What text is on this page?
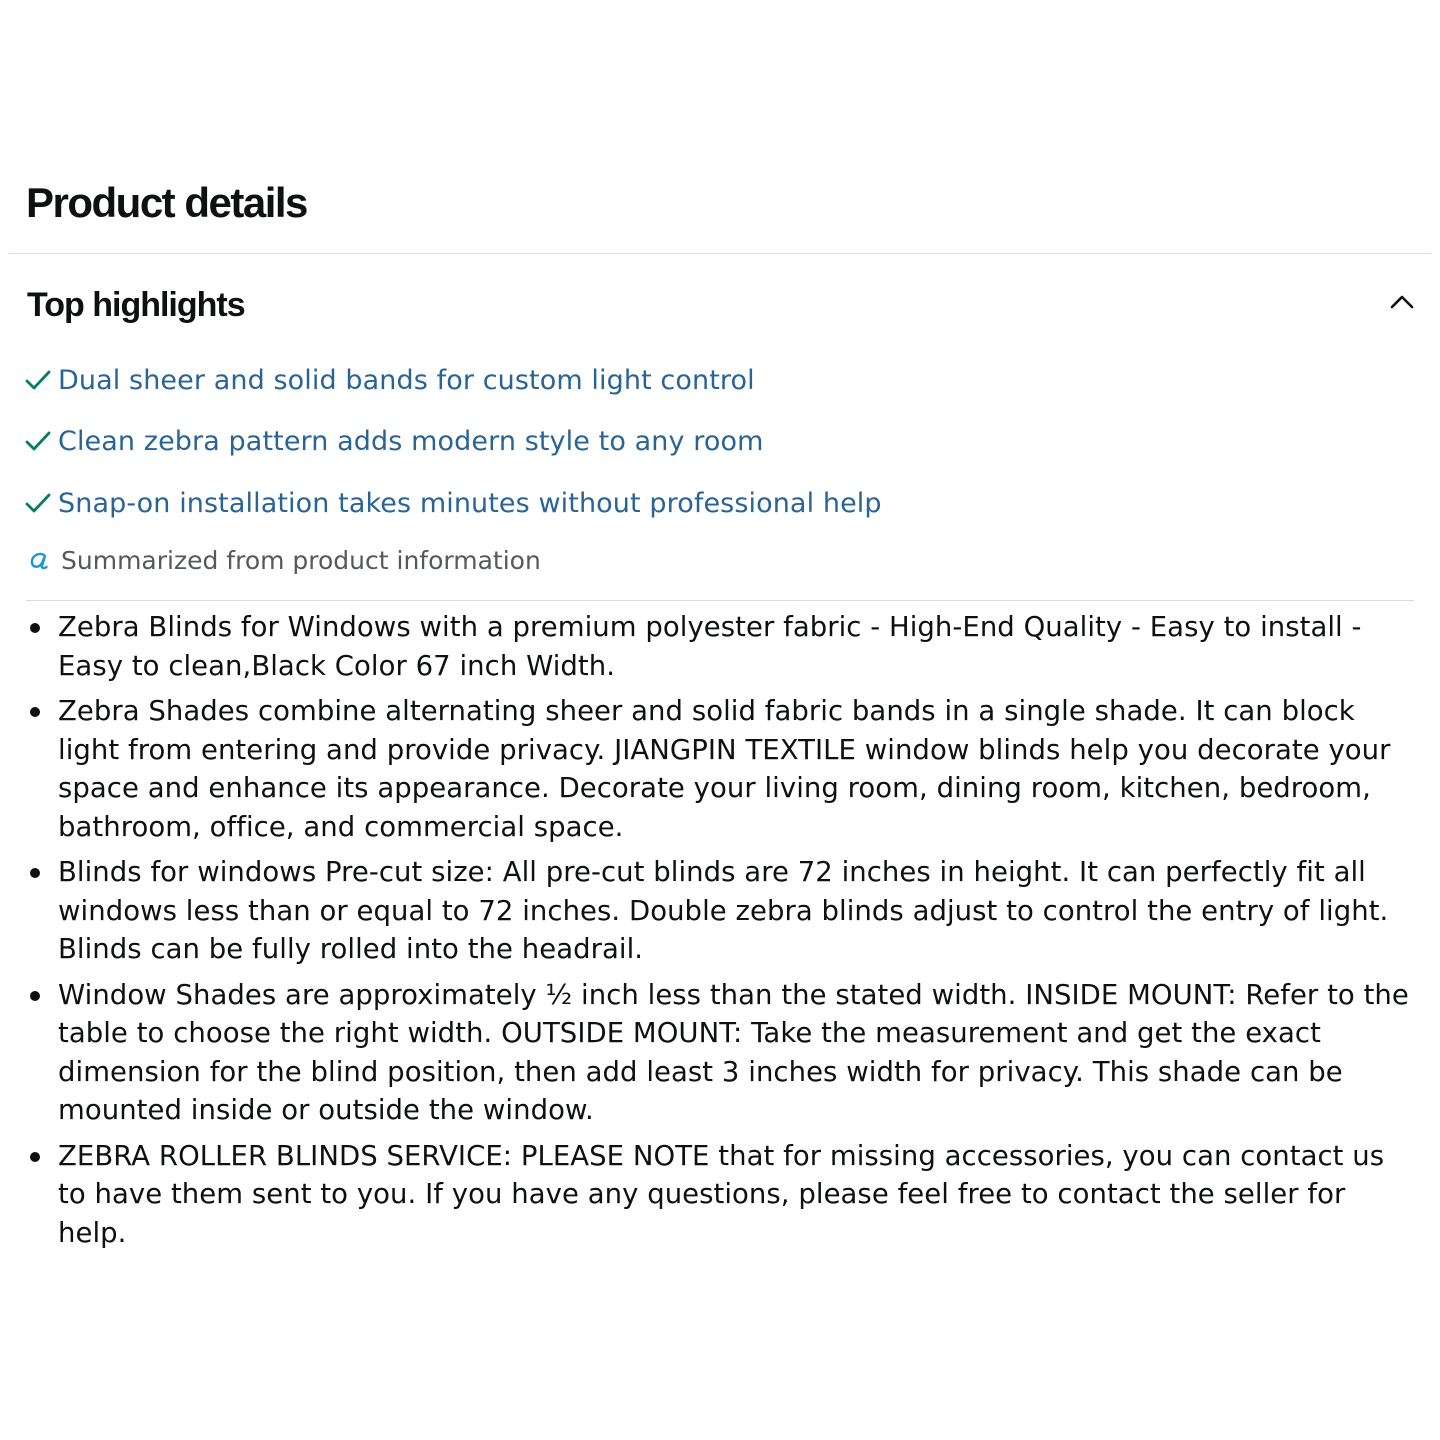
Product details
Top highlights
Dual sheer and solid bands for custom light control
Clean zebra pattern adds modern style to any room
Snap-on installation takes minutes without professional help
Summarized from product information
Zebra Blinds for Windows with a premium polyester fabric - High-End Quality - Easy to install - Easy to clean,Black Color 67 inch Width.
Zebra Shades combine alternating sheer and solid fabric bands in a single shade. It can block light from entering and provide privacy. JIANGPIN TEXTILE window blinds help you decorate your space and enhance its appearance. Decorate your living room, dining room, kitchen, bedroom, bathroom, office, and commercial space.
Blinds for windows Pre-cut size: All pre-cut blinds are 72 inches in height. It can perfectly fit all windows less than or equal to 72 inches. Double zebra blinds adjust to control the entry of light. Blinds can be fully rolled into the headrail.
Window Shades are approximately ½ inch less than the stated width. INSIDE MOUNT: Refer to the table to choose the right width. OUTSIDE MOUNT: Take the measurement and get the exact dimension for the blind position, then add least 3 inches width for privacy. This shade can be mounted inside or outside the window.
ZEBRA ROLLER BLINDS SERVICE: PLEASE NOTE that for missing accessories, you can contact us to have them sent to you. If you have any questions, please feel free to contact the seller for help.
